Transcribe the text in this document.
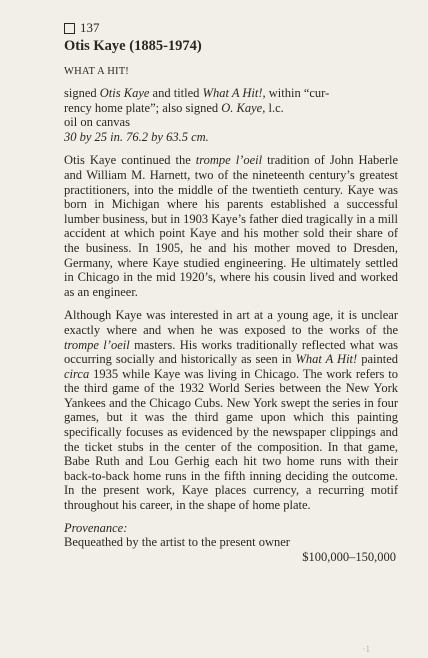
137
Otis Kaye (1885-1974)
WHAT A HIT!
signed Otis Kaye and titled What A Hit!, within “cur-
rency home plate”; also signed O. Kaye, l.c.
oil on canvas
30 by 25 in. 76.2 by 63.5 cm.
Otis Kaye continued the trompe l’oeil tradition of John Haberle and William M. Harnett, two of the nineteenth century’s greatest practitioners, into the middle of the twentieth century. Kaye was born in Michigan where his parents established a successful lumber business, but in 1903 Kaye’s father died tragically in a mill accident at which point Kaye and his mother sold their share of the business. In 1905, he and his mother moved to Dresden, Germany, where Kaye studied engineering. He ultimately settled in Chicago in the mid 1920’s, where his cousin lived and worked as an engineer.
Although Kaye was interested in art at a young age, it is unclear exactly where and when he was exposed to the works of the trompe l’oeil masters. His works traditionally reflected what was occurring socially and historically as seen in What A Hit! painted circa 1935 while Kaye was living in Chicago. The work refers to the third game of the 1932 World Series between the New York Yankees and the Chicago Cubs. New York swept the series in four games, but it was the third game upon which this painting specifically focuses as evidenced by the newspaper clippings and the ticket stubs in the center of the composition. In that game, Babe Ruth and Lou Gerhig each hit two home runs with their back-to-back home runs in the fifth inning deciding the outcome. In the present work, Kaye places currency, a recurring motif throughout his career, in the shape of home plate.
Provenance:
Bequeathed by the artist to the present owner
$100,000–150,000
·1
